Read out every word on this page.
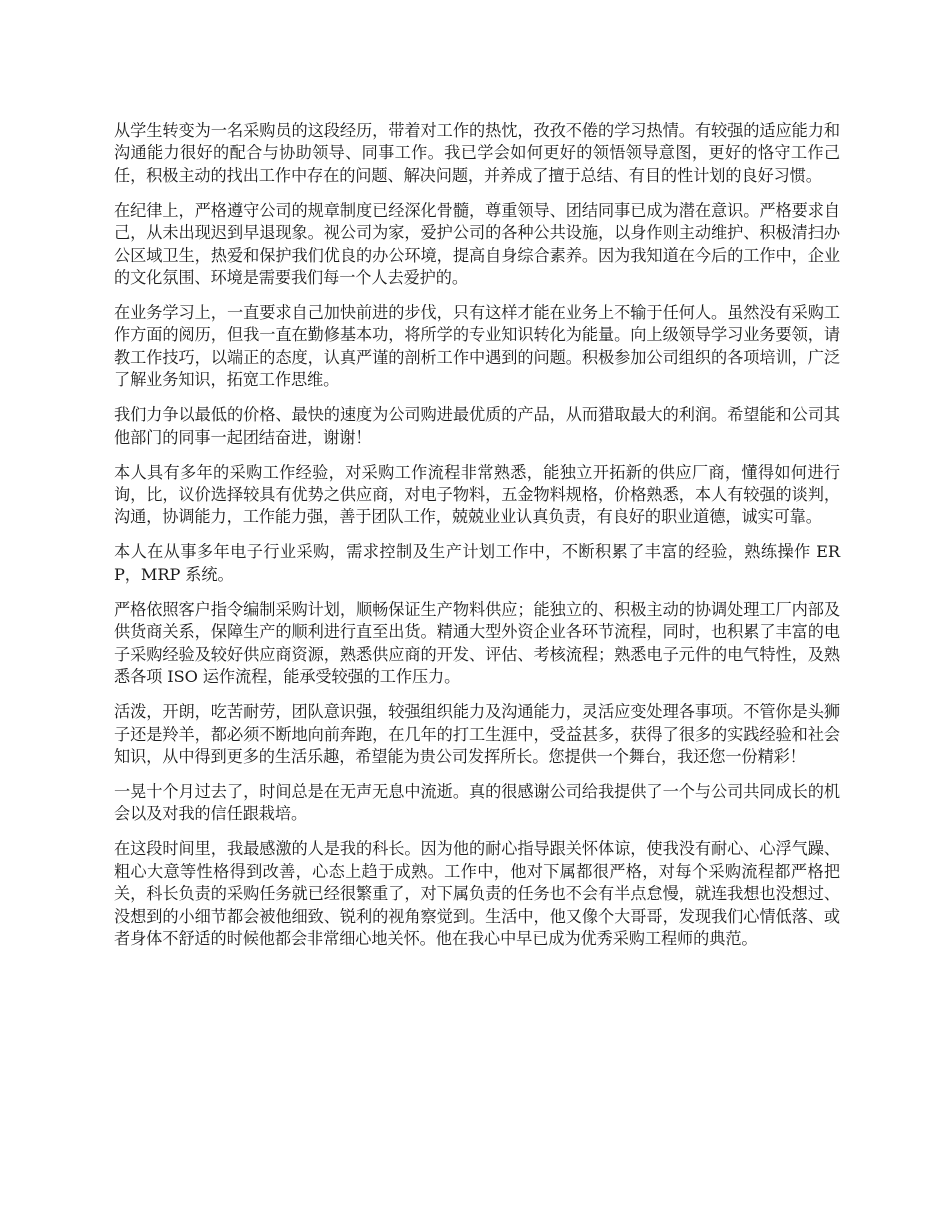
从学生转变为一名采购员的这段经历，带着对工作的热忱，孜孜不倦的学习热情。有较强的适应能力和沟通能力很好的配合与协助领导、同事工作。我已学会如何更好的领悟领导意图，更好的恪守工作己任，积极主动的找出工作中存在的问题、解决问题，并养成了擅于总结、有目的性计划的良好习惯。

在纪律上，严格遵守公司的规章制度已经深化骨髓，尊重领导、团结同事已成为潜在意识。严格要求自己，从未出现迟到早退现象。视公司为家，爱护公司的各种公共设施，以身作则主动维护、积极清扫办公区域卫生，热爱和保护我们优良的办公环境，提高自身综合素养。因为我知道在今后的工作中，企业的文化氛围、环境是需要我们每一个人去爱护的。

在业务学习上，一直要求自己加快前进的步伐，只有这样才能在业务上不输于任何人。虽然没有采购工作方面的阅历，但我一直在勤修基本功，将所学的专业知识转化为能量。向上级领导学习业务要领，请教工作技巧，以端正的态度，认真严谨的剖析工作中遇到的问题。积极参加公司组织的各项培训，广泛了解业务知识，拓宽工作思维。

我们力争以最低的价格、最快的速度为公司购进最优质的产品，从而猎取最大的利润。希望能和公司其他部门的同事一起团结奋进，谢谢！

本人具有多年的采购工作经验，对采购工作流程非常熟悉，能独立开拓新的供应厂商，懂得如何进行询，比，议价选择较具有优势之供应商，对电子物料，五金物料规格，价格熟悉，本人有较强的谈判，沟通，协调能力，工作能力强，善于团队工作，兢兢业业认真负责，有良好的职业道德，诚实可靠。

本人在从事多年电子行业采购，需求控制及生产计划工作中，不断积累了丰富的经验，熟练操作 ERP，MRP 系统。

严格依照客户指令编制采购计划，顺畅保证生产物料供应；能独立的、积极主动的协调处理工厂内部及供货商关系，保障生产的顺利进行直至出货。精通大型外资企业各环节流程，同时，也积累了丰富的电子采购经验及较好供应商资源，熟悉供应商的开发、评估、考核流程；熟悉电子元件的电气特性，及熟悉各项 ISO 运作流程，能承受较强的工作压力。

活泼，开朗，吃苦耐劳，团队意识强，较强组织能力及沟通能力，灵活应变处理各事项。不管你是头狮子还是羚羊，都必须不断地向前奔跑，在几年的打工生涯中，受益甚多，获得了很多的实践经验和社会知识，从中得到更多的生活乐趣，希望能为贵公司发挥所长。您提供一个舞台，我还您一份精彩！

一晃十个月过去了，时间总是在无声无息中流逝。真的很感谢公司给我提供了一个与公司共同成长的机会以及对我的信任跟栽培。

在这段时间里，我最感激的人是我的科长。因为他的耐心指导跟关怀体谅，使我没有耐心、心浮气躁、粗心大意等性格得到改善，心态上趋于成熟。工作中，他对下属都很严格，对每个采购流程都严格把关，科长负责的采购任务就已经很繁重了，对下属负责的任务也不会有半点怠慢，就连我想也没想过、没想到的小细节都会被他细致、锐利的视角察觉到。生活中，他又像个大哥哥，发现我们心情低落、或者身体不舒适的时候他都会非常细心地关怀。他在我心中早已成为优秀采购工程师的典范。
